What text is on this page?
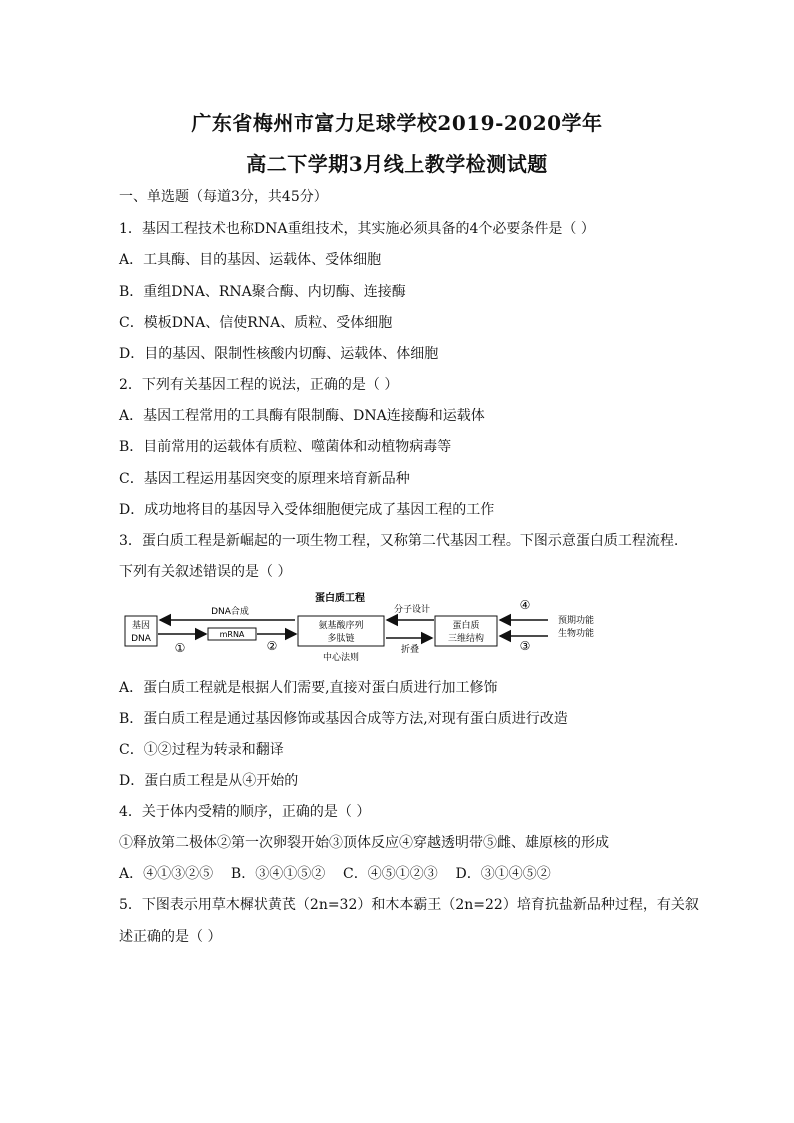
广东省梅州市富力足球学校2019-2020学年
高二下学期3月线上教学检测试题
一、单选题（每道3分，共45分）
1．基因工程技术也称DNA重组技术，其实施必须具备的4个必要条件是（ ）
A．工具酶、目的基因、运载体、受体细胞
B．重组DNA、RNA聚合酶、内切酶、连接酶
C．模板DNA、信使RNA、质粒、受体细胞
D．目的基因、限制性核酸内切酶、运载体、体细胞
2．下列有关基因工程的说法，正确的是（ ）
A．基因工程常用的工具酶有限制酶、DNA连接酶和运载体
B．目前常用的运载体有质粒、噬菌体和动植物病毒等
C．基因工程运用基因突变的原理来培育新品种
D．成功地将目的基因导入受体细胞便完成了基因工程的工作
3．蛋白质工程是新崛起的一项生物工程，又称第二代基因工程。下图示意蛋白质工程流程.
下列有关叙述错误的是（ ）
蛋白质工程
基因
DNA
DNA合成
mRNA
①	②
氨基酸序列
多肽链
中心法则
分子设计
折叠
蛋白质
三维结构
④
③
预期功能
生物功能
A．蛋白质工程就是根据人们需要,直接对蛋白质进行加工修饰
B．蛋白质工程是通过基因修饰或基因合成等方法,对现有蛋白质进行改造
C．①②过程为转录和翻译
D．蛋白质工程是从④开始的
4．关于体内受精的顺序，正确的是（ ）
①释放第二极体②第一次卵裂开始③顶体反应④穿越透明带⑤雌、雄原核的形成
A．④①③②⑤    B．③④①⑤②    C．④⑤①②③    D．③①④⑤②
5．下图表示用草木樨状黄芪（2n=32）和木本霸王（2n=22）培育抗盐新品种过程，有关叙
述正确的是（ ）
